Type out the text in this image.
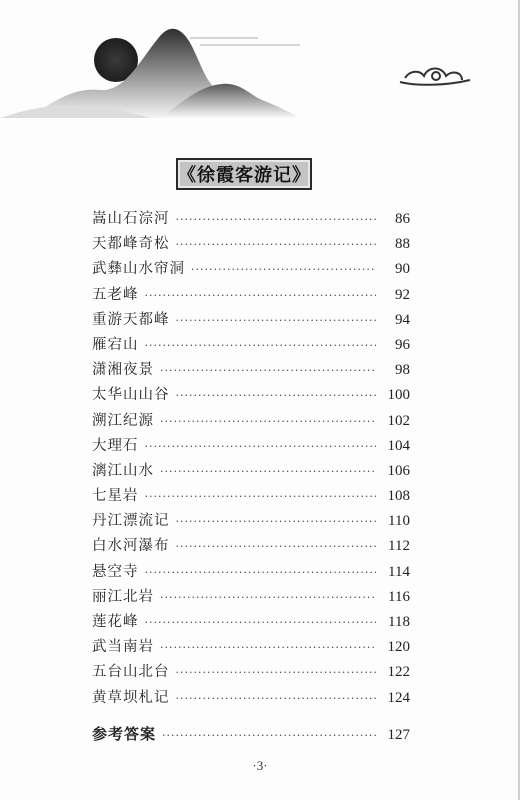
《徐霞客游记》
嵩山石淙河 ·····	86
天都峰奇松 ·····	88
武彝山水帘洞 ·····	90
五老峰 ·····	92
重游天都峰 ·····	94
雁宕山 ·····	96
潇湘夜景 ·····	98
太华山山谷 ·····	100
溯江纪源 ·····	102
大理石 ·····	104
漓江山水 ·····	106
七星岩 ·····	108
丹江漂流记 ·····	110
白水河瀑布 ·····	112
悬空寺 ·····	114
丽江北岩 ·····	116
莲花峰 ·····	118
武当南岩 ·····	120
五台山北台 ·····	122
黄草坝札记 ·····	124
参考答案 ·····	127
·3·
